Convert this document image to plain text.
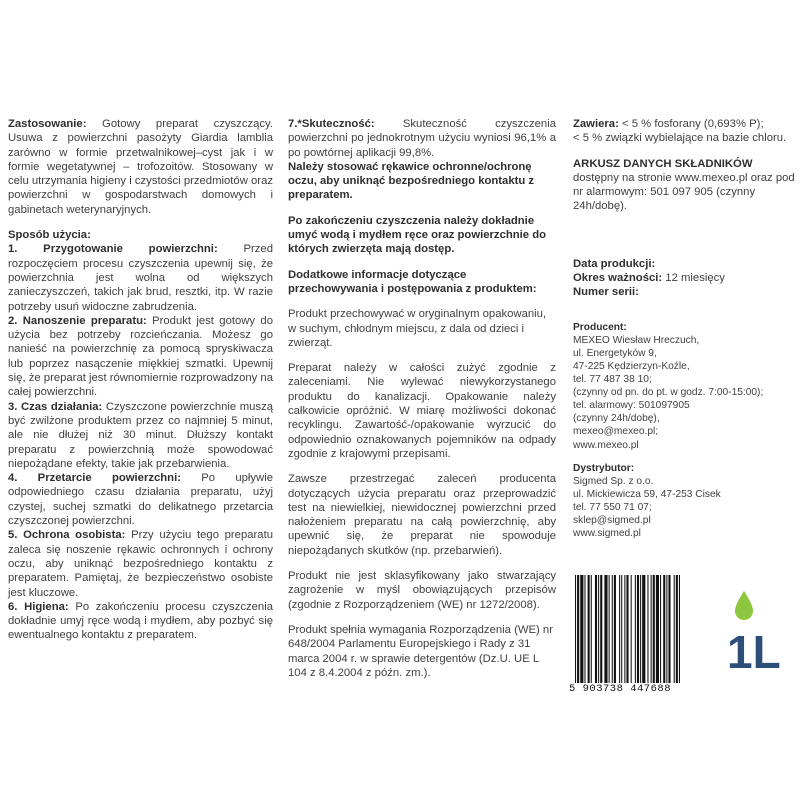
Zastosowanie: Gotowy preparat czyszczący. Usuwa z powierzchni pasożyty Giardia lamblia zarówno w formie przetwalnikowej–cyst jak i w formie wegetatywnej – trofozoitów. Stosowany w celu utrzymania higieny i czystości przedmiotów oraz powierzchni w gospodarstwach domowych i gabinetach weterynaryjnych.

Sposób użycia:

1. Przygotowanie powierzchni: Przed rozpoczęciem procesu czyszczenia upewnij się, że powierzchnia jest wolna od większych zanieczyszczeń, takich jak brud, resztki, itp. W razie potrzeby usuń widoczne zabrudzenia.

2. Nanoszenie preparatu: Produkt jest gotowy do użycia bez potrzeby rozcieńczania. Możesz go nanieść na powierzchnię za pomocą spryskiwacza lub poprzez nasączenie miękkiej szmatki. Upewnij się, że preparat jest równomiernie rozprowadzony na całej powierzchni.

3. Czas działania: Czyszczone powierzchnie muszą być zwilżone produktem przez co najmniej 5 minut, ale nie dłużej niż 30 minut. Dłuższy kontakt preparatu z powierzchnią może spowodować niepożądane efekty, takie jak przebarwienia.

4. Przetarcie powierzchni: Po upływie odpowiedniego czasu działania preparatu, użyj czystej, suchej szmatki do delikatnego przetarcia czyszczonej powierzchni.

5. Ochrona osobista: Przy użyciu tego preparatu zaleca się noszenie rękawic ochronnych i ochrony oczu, aby uniknąć bezpośredniego kontaktu z preparatem. Pamiętaj, że bezpieczeństwo osobiste jest kluczowe.

6. Higiena: Po zakończeniu procesu czyszczenia dokładnie umyj ręce wodą i mydłem, aby pozbyć się ewentualnego kontaktu z preparatem.

7.*Skuteczność: Skuteczność czyszczenia powierzchni po jednokrotnym użyciu wyniosi 96,1% a po powtórnej aplikacji 99,8%.

Należy stosować rękawice ochronne/ochronę oczu, aby uniknąć bezpośredniego kontaktu z preparatem.

Po zakończeniu czyszczenia należy dokładnie umyć wodą i mydłem ręce oraz powierzchnie do których zwierzęta mają dostęp.

Dodatkowe informacje dotyczące przechowywania i postępowania z produktem:

Produkt przechowywać w oryginalnym opakowaniu, w suchym, chłodnym miejscu, z dala od dzieci i zwierząt.

Preparat należy w całości zużyć zgodnie z zaleceniami. Nie wylewać niewykorzystanego produktu do kanalizacji. Opakowanie należy całkowicie opróżnić. W miarę możliwości dokonać recyklingu. Zawartość-/opakowanie wyrzucić do odpowiednio oznakowanych pojemników na odpady zgodnie z krajowymi przepisami.

Zawsze przestrzegać zaleceń producenta dotyczących użycia preparatu oraz przeprowadzić test na niewielkiej, niewidocznej powierzchni przed nałożeniem preparatu na całą powierzchnię, aby upewnić się, że preparat nie spowoduje niepożądanych skutków (np. przebarwień).

Produkt nie jest sklasyfikowany jako stwarzający zagrożenie w myśl obowiązujących przepisów (zgodnie z Rozporządzeniem (WE) nr 1272/2008).

Produkt spełnia wymagania Rozporządzenia (WE) nr 648/2004 Parlamentu Europejskiego i Rady z 31 marca 2004 r. w sprawie detergentów (Dz.U. UE L 104 z 8.4.2004 z późn. zm.).

Zawiera: < 5 % fosforany (0,693% P);

< 5 % związki wybielające na bazie chloru.

ARKUSZ DANYCH SKŁADNIKÓW

dostępny na stronie www.mexeo.pl oraz pod nr alarmowym: 501 097 905 (czynny 24h/dobę).

Data produkcji:

Okres ważności: 12 miesięcy

Numer serii:

Producent:

MEXEO Wiesław Hreczuch,
ul. Energetyków 9,
47-225 Kędzierzyn-Koźle,
tel. 77 487 38 10;
(czynny od pn. do pt. w godz. 7:00-15:00);
tel. alarmowy: 501097905
(czynny 24h/dobę),
mexeo@mexeo.pl;
www.mexeo.pl

Dystrybutor:

Sigmed Sp. z o.o.
ul. Mickiewicza 59, 47-253 Cisek
tel. 77 550 71 07;
sklep@sigmed.pl
www.sigmed.pl
5 903738 447688
1L
